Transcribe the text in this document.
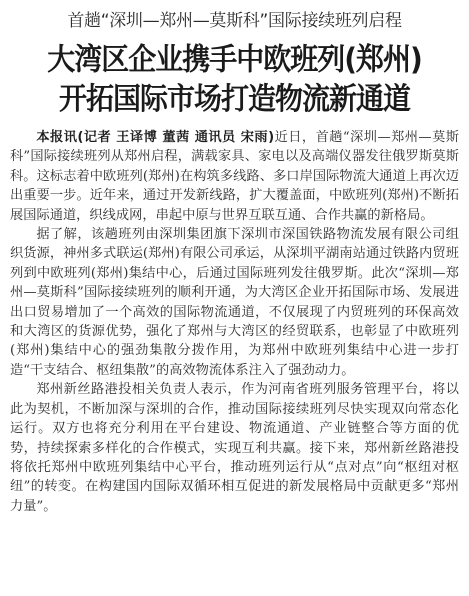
首趟“深圳—郑州—莫斯科”国际接续班列启程
大湾区企业携手中欧班列(郑州)
开拓国际市场打造物流新通道

本报讯(记者 王译博 董茜 通讯员 宋雨)近日，首趟“深圳—郑州—莫斯科”国际接续班列从郑州启程，满载家具、家电以及高端仪器发往俄罗斯莫斯科。这标志着中欧班列(郑州)在构筑多线路、多口岸国际物流大通道上再次迈出重要一步。近年来，通过开发新线路，扩大覆盖面，中欧班列(郑州)不断拓展国际通道，织线成网，串起中原与世界互联互通、合作共赢的新格局。

据了解，该趟班列由深圳集团旗下深圳市深国铁路物流发展有限公司组织货源，神州多式联运(郑州)有限公司承运，从深圳平湖南站通过铁路内贸班列到中欧班列(郑州)集结中心，后通过国际班列发往俄罗斯。此次“深圳—郑州—莫斯科”国际接续班列的顺利开通，为大湾区企业开拓国际市场、发展进出口贸易增加了一个高效的国际物流通道，不仅展现了内贸班列的环保高效和大湾区的货源优势，强化了郑州与大湾区的经贸联系，也彰显了中欧班列(郑州)集结中心的强劲集散分拨作用，为郑州中欧班列集结中心进一步打造“干支结合、枢纽集散”的高效物流体系注入了强劲动力。

郑州新丝路港投相关负责人表示，作为河南省班列服务管理平台，将以此为契机，不断加深与深圳的合作，推动国际接续班列尽快实现双向常态化运行。双方也将充分利用在平台建设、物流通道、产业链整合等方面的优势，持续探索多样化的合作模式，实现互利共赢。接下来，郑州新丝路港投将依托郑州中欧班列集结中心平台，推动班列运行从“点对点”向“枢纽对枢纽”的转变。在构建国内国际双循环相互促进的新发展格局中贡献更多“郑州力量”。
